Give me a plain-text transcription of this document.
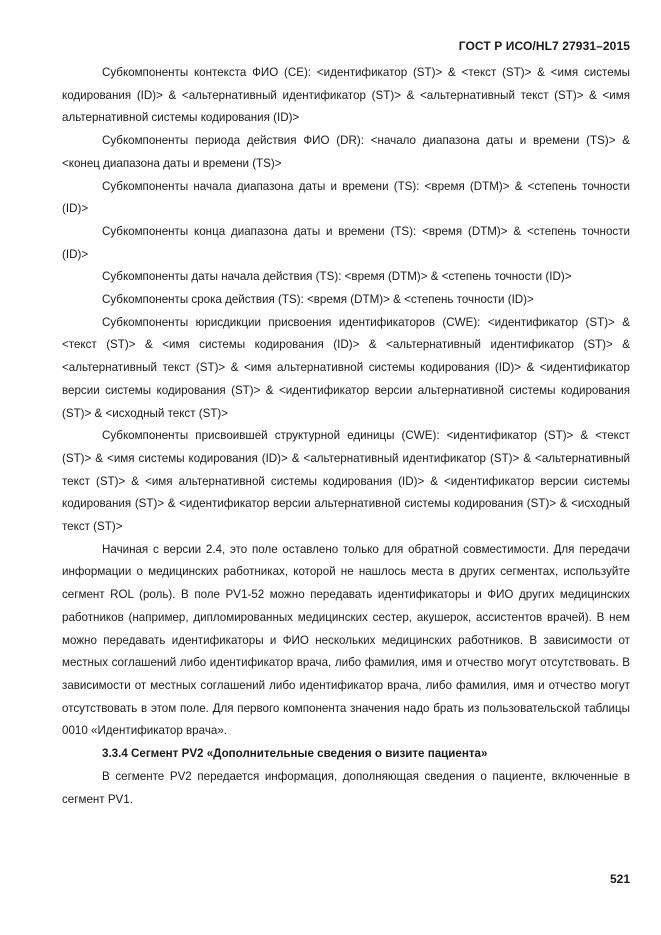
ГОСТ Р ИСО/HL7 27931–2015

Субкомпоненты контекста ФИО (CE): <идентификатор (ST)> & <текст (ST)> & <имя системы кодирования (ID)> & <альтернативный идентификатор (ST)> & <альтернативный текст (ST)> & <имя альтернативной системы кодирования (ID)>

Субкомпоненты периода действия ФИО (DR): <начало диапазона даты и времени (TS)> & <конец диапазона даты и времени (TS)>

Субкомпоненты начала диапазона даты и времени (TS): <время (DTM)> & <степень точности (ID)>

Субкомпоненты конца диапазона даты и времени (TS): <время (DTM)> & <степень точности (ID)>

Субкомпоненты даты начала действия (TS): <время (DTM)> & <степень точности (ID)>

Субкомпоненты срока действия (TS): <время (DTM)> & <степень точности (ID)>

Субкомпоненты юрисдикции присвоения идентификаторов (CWE): <идентификатор (ST)> & <текст (ST)> & <имя системы кодирования (ID)> & <альтернативный идентификатор (ST)> & <альтернативный текст (ST)> & <имя альтернативной системы кодирования (ID)> & <идентификатор версии системы кодирования (ST)> & <идентификатор версии альтернативной системы кодирования (ST)> & <исходный текст (ST)>

Субкомпоненты присвоившей структурной единицы (CWE): <идентификатор (ST)> & <текст (ST)> & <имя системы кодирования (ID)> & <альтернативный идентификатор (ST)> & <альтернативный текст (ST)> & <имя альтернативной системы кодирования (ID)> & <идентификатор версии системы кодирования (ST)> & <идентификатор версии альтернативной системы кодирования (ST)> & <исходный текст (ST)>

Начиная с версии 2.4, это поле оставлено только для обратной совместимости. Для передачи информации о медицинских работниках, которой не нашлось места в других сегментах, используйте сегмент ROL (роль). В поле PV1-52 можно передавать идентификаторы и ФИО других медицинских работников (например, дипломированных медицинских сестер, акушерок, ассистентов врачей). В нем можно передавать идентификаторы и ФИО нескольких медицинских работников. В зависимости от местных соглашений либо идентификатор врача, либо фамилия, имя и отчество могут отсутствовать. В зависимости от местных соглашений либо идентификатор врача, либо фамилия, имя и отчество могут отсутствовать в этом поле. Для первого компонента значения надо брать из пользовательской таблицы 0010 «Идентификатор врача».

3.3.4 Сегмент PV2 «Дополнительные сведения о визите пациента»

В сегменте PV2 передается информация, дополняющая сведения о пациенте, включенные в сегмент PV1.

521
